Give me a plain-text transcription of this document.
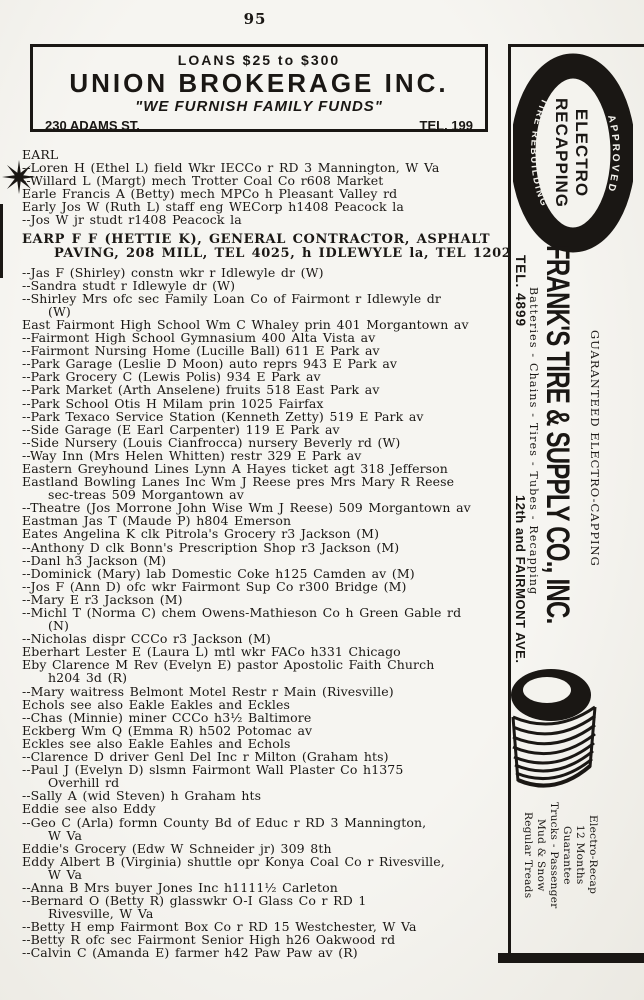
95
LOANS $25 to $300
UNION BROKERAGE INC.
"WE FURNISH FAMILY FUNDS"
230 ADAMS ST.	TEL. 199
EARL
--Loren H (Ethel L) field Wkr IECCo r RD 3 Mannington, W Va
--Willard L (Margt) mech Trotter Coal Co r608 Market
Earle Francis A (Betty) mech MPCo h Pleasant Valley rd
Early Jos W (Ruth L) staff eng WECorp h1408 Peacock la
--Jos W jr studt r1408 Peacock la
EARP F F (HETTIE K), GENERAL CONTRACTOR, ASPHALT
PAVING, 208 MILL, TEL 4025, h IDLEWYLE la, TEL 1202
--Jas F (Shirley) constn wkr r Idlewyle dr (W)
--Sandra studt r Idlewyle dr (W)
--Shirley Mrs ofc sec Family Loan Co of Fairmont r Idlewyle dr
(W)
East Fairmont High School Wm C Whaley prin 401 Morgantown av
--Fairmont High School Gymnasium 400 Alta Vista av
--Fairmont Nursing Home (Lucille Ball) 611 E Park av
--Park Garage (Leslie D Moon) auto reprs 943 E Park av
--Park Grocery C (Lewis Polis) 934 E Park av
--Park Market (Arth Anselene) fruits 518 East Park av
--Park School Otis H Milam prin 1025 Fairfax
--Park Texaco Service Station (Kenneth Zetty) 519 E Park av
--Side Garage (E Earl Carpenter) 119 E Park av
--Side Nursery (Louis Cianfrocca) nursery Beverly rd (W)
--Way Inn (Mrs Helen Whitten) restr 329 E Park av
Eastern Greyhound Lines Lynn A Hayes ticket agt 318 Jefferson
Eastland Bowling Lanes Inc Wm J Reese pres Mrs Mary R Reese
sec-treas 509 Morgantown av
--Theatre (Jos Morrone John Wise Wm J Reese) 509 Morgantown av
Eastman Jas T (Maude P) h804 Emerson
Eates Angelina K clk Pitrola's Grocery r3 Jackson (M)
--Anthony D clk Bonn's Prescription Shop r3 Jackson (M)
--Danl h3 Jackson (M)
--Dominick (Mary) lab Domestic Coke h125 Camden av (M)
--Jos F (Ann D) ofc wkr Fairmont Sup Co r300 Bridge (M)
--Mary E r3 Jackson (M)
--Michl T (Norma C) chem Owens-Mathieson Co h Green Gable rd
(N)
--Nicholas dispr CCCo r3 Jackson (M)
Eberhart Lester E (Laura L) mtl wkr FACo h331 Chicago
Eby Clarence M Rev (Evelyn E) pastor Apostolic Faith Church
h204 3d (R)
--Mary waitress Belmont Motel Restr r Main (Rivesville)
Echols see also Eakle Eakles and Eckles
--Chas (Minnie) miner CCCo h3½ Baltimore
Eckberg Wm Q (Emma R) h502 Potomac av
Eckles see also Eakle Eahles and Echols
--Clarence D driver Genl Del Inc r Milton (Graham hts)
--Paul J (Evelyn D) slsmn Fairmont Wall Plaster Co h1375
Overhill rd
--Sally A (wid Steven) h Graham hts
Eddie see also Eddy
--Geo C (Arla) formn County Bd of Educ r RD 3 Mannington,
W Va
Eddie's Grocery (Edw W Schneider jr) 309 8th
Eddy Albert B (Virginia) shuttle opr Konya Coal Co r Rivesville,
W Va
--Anna B Mrs buyer Jones Inc h1111½ Carleton
--Bernard O (Betty R) glasswkr O-I Glass Co r RD 1
Rivesville, W Va
--Betty H emp Fairmont Box Co r RD 15 Westchester, W Va
--Betty R ofc sec Fairmont Senior High h26 Oakwood rd
--Calvin C (Amanda E) farmer h42 Paw Paw av (R)
A P P R O V E D
TIRE REBUILDING
ELECTRO
RECAPPING
TEL. 4899 FRANK'S TIRE & SUPPLY CO., INC.
Batteries - Chains - Tires - Tubes - Recapping	GUARANTEED ELECTRO-CAPPING
12th and FAIRMONT AVE.
Electro-Recap
12 Months
Guarantee
Trucks - Passenger
Mud & Snow
Regular Treads
